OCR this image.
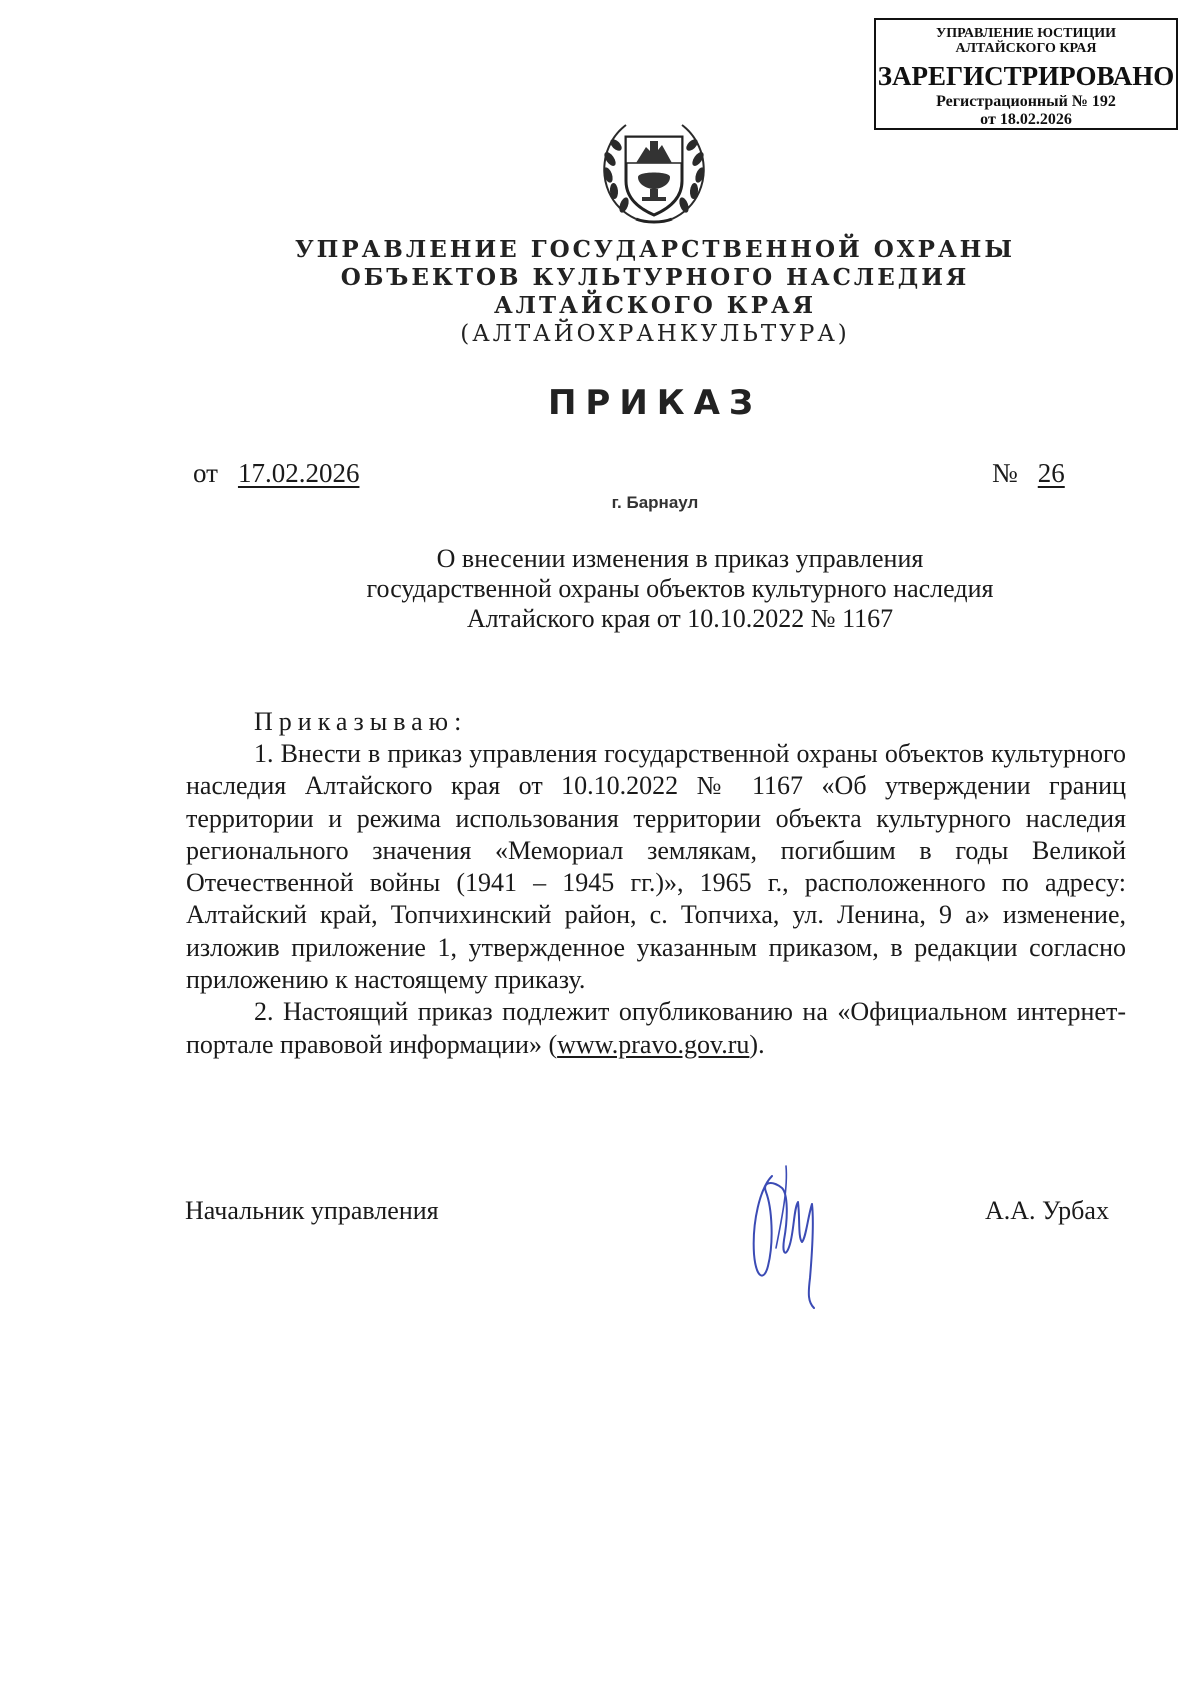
УПРАВЛЕНИЕ ЮСТИЦИИ
АЛТАЙСКОГО КРАЯ
ЗАРЕГИСТРИРОВАНО
Регистрационный № 192
от 18.02.2026
УПРАВЛЕНИЕ ГОСУДАРСТВЕННОЙ ОХРАНЫ
ОБЪЕКТОВ КУЛЬТУРНОГО НАСЛЕДИЯ
АЛТАЙСКОГО КРАЯ
(АЛТАЙОХРАНКУЛЬТУРА)
ПРИКАЗ
от 17.02.2026	№ 26
г. Барнаул
О внесении изменения в приказ управления
государственной охраны объектов культурного наследия
Алтайского края от 10.10.2022 № 1167
Приказываю:

1. Внести в приказ управления государственной охраны объектов культурного наследия Алтайского края от 10.10.2022 № 1167 «Об утверждении границ территории и режима использования территории объекта культурного наследия регионального значения «Мемориал землякам, погибшим в годы Великой Отечественной войны (1941 – 1945 гг.)», 1965 г., расположенного по адресу: Алтайский край, Топчихинский район, с. Топчиха, ул. Ленина, 9 а» изменение, изложив приложение 1, утвержденное указанным приказом, в редакции согласно приложению к настоящему приказу.

2. Настоящий приказ подлежит опубликованию на «Официальном интернет-портале правовой информации» (www.pravo.gov.ru).

Начальник управления	А.А. Урбах
